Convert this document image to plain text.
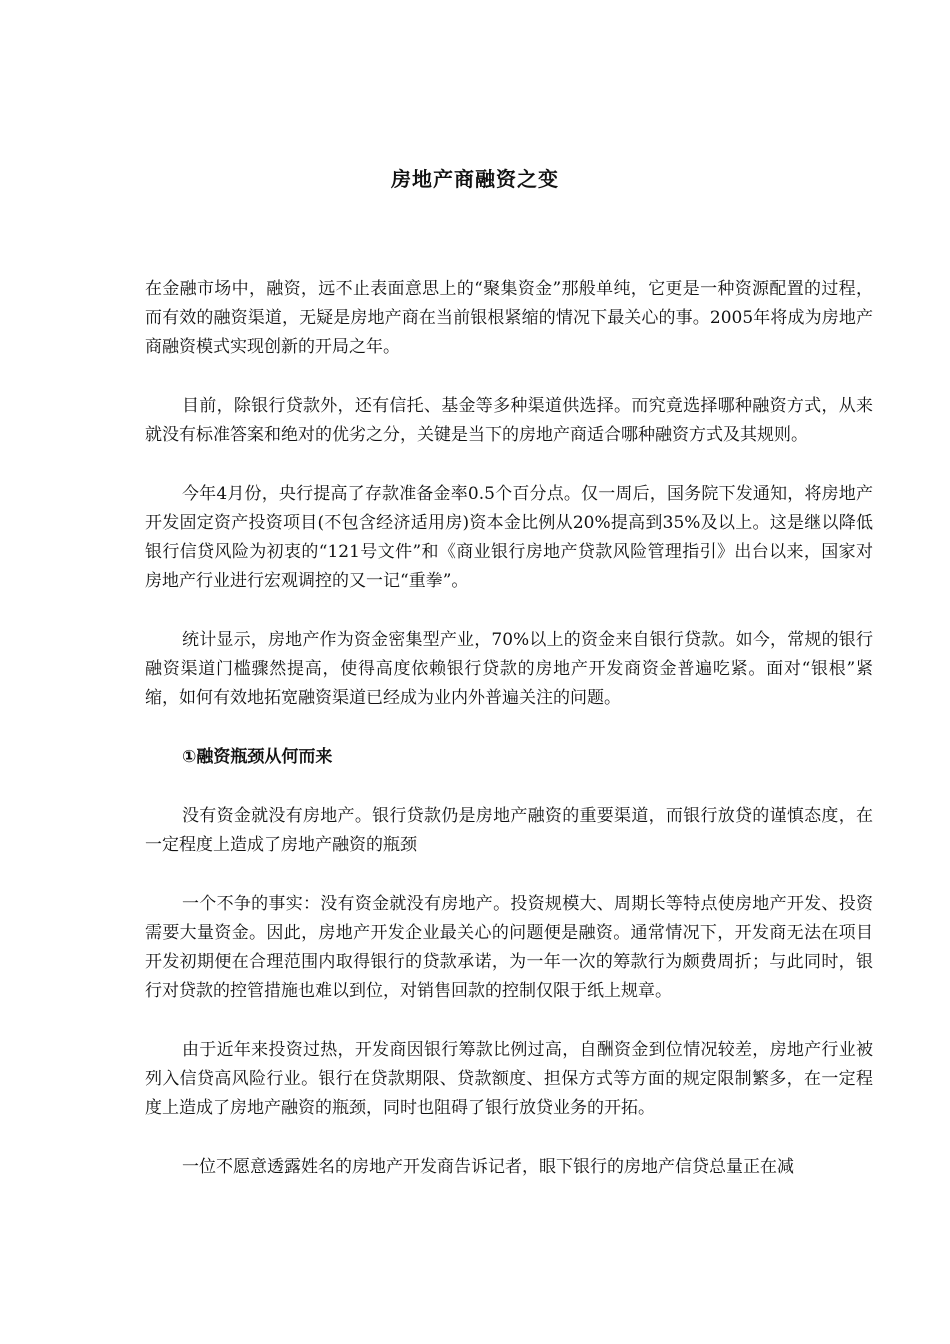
房地产商融资之变

在金融市场中，融资，远不止表面意思上的“聚集资金”那般单纯，它更是一种资源配置的过程，而有效的融资渠道，无疑是房地产商在当前银根紧缩的情况下最关心的事。2005年将成为房地产商融资模式实现创新的开局之年。

目前，除银行贷款外，还有信托、基金等多种渠道供选择。而究竟选择哪种融资方式，从来就没有标准答案和绝对的优劣之分，关键是当下的房地产商适合哪种融资方式及其规则。

今年4月份，央行提高了存款准备金率0.5个百分点。仅一周后，国务院下发通知，将房地产开发固定资产投资项目(不包含经济适用房)资本金比例从20%提高到35%及以上。这是继以降低银行信贷风险为初衷的“121号文件”和《商业银行房地产贷款风险管理指引》出台以来，国家对房地产行业进行宏观调控的又一记“重拳”。

统计显示，房地产作为资金密集型产业，70%以上的资金来自银行贷款。如今，常规的银行融资渠道门槛骤然提高，使得高度依赖银行贷款的房地产开发商资金普遍吃紧。面对“银根”紧缩，如何有效地拓宽融资渠道已经成为业内外普遍关注的问题。

①融资瓶颈从何而来

没有资金就没有房地产。银行贷款仍是房地产融资的重要渠道，而银行放贷的谨慎态度，在一定程度上造成了房地产融资的瓶颈

一个不争的事实：没有资金就没有房地产。投资规模大、周期长等特点使房地产开发、投资需要大量资金。因此，房地产开发企业最关心的问题便是融资。通常情况下，开发商无法在项目开发初期便在合理范围内取得银行的贷款承诺，为一年一次的筹款行为颇费周折；与此同时，银行对贷款的控管措施也难以到位，对销售回款的控制仅限于纸上规章。

由于近年来投资过热，开发商因银行筹款比例过高，自酬资金到位情况较差，房地产行业被列入信贷高风险行业。银行在贷款期限、贷款额度、担保方式等方面的规定限制繁多，在一定程度上造成了房地产融资的瓶颈，同时也阻碍了银行放贷业务的开拓。

一位不愿意透露姓名的房地产开发商告诉记者，眼下银行的房地产信贷总量正在减
